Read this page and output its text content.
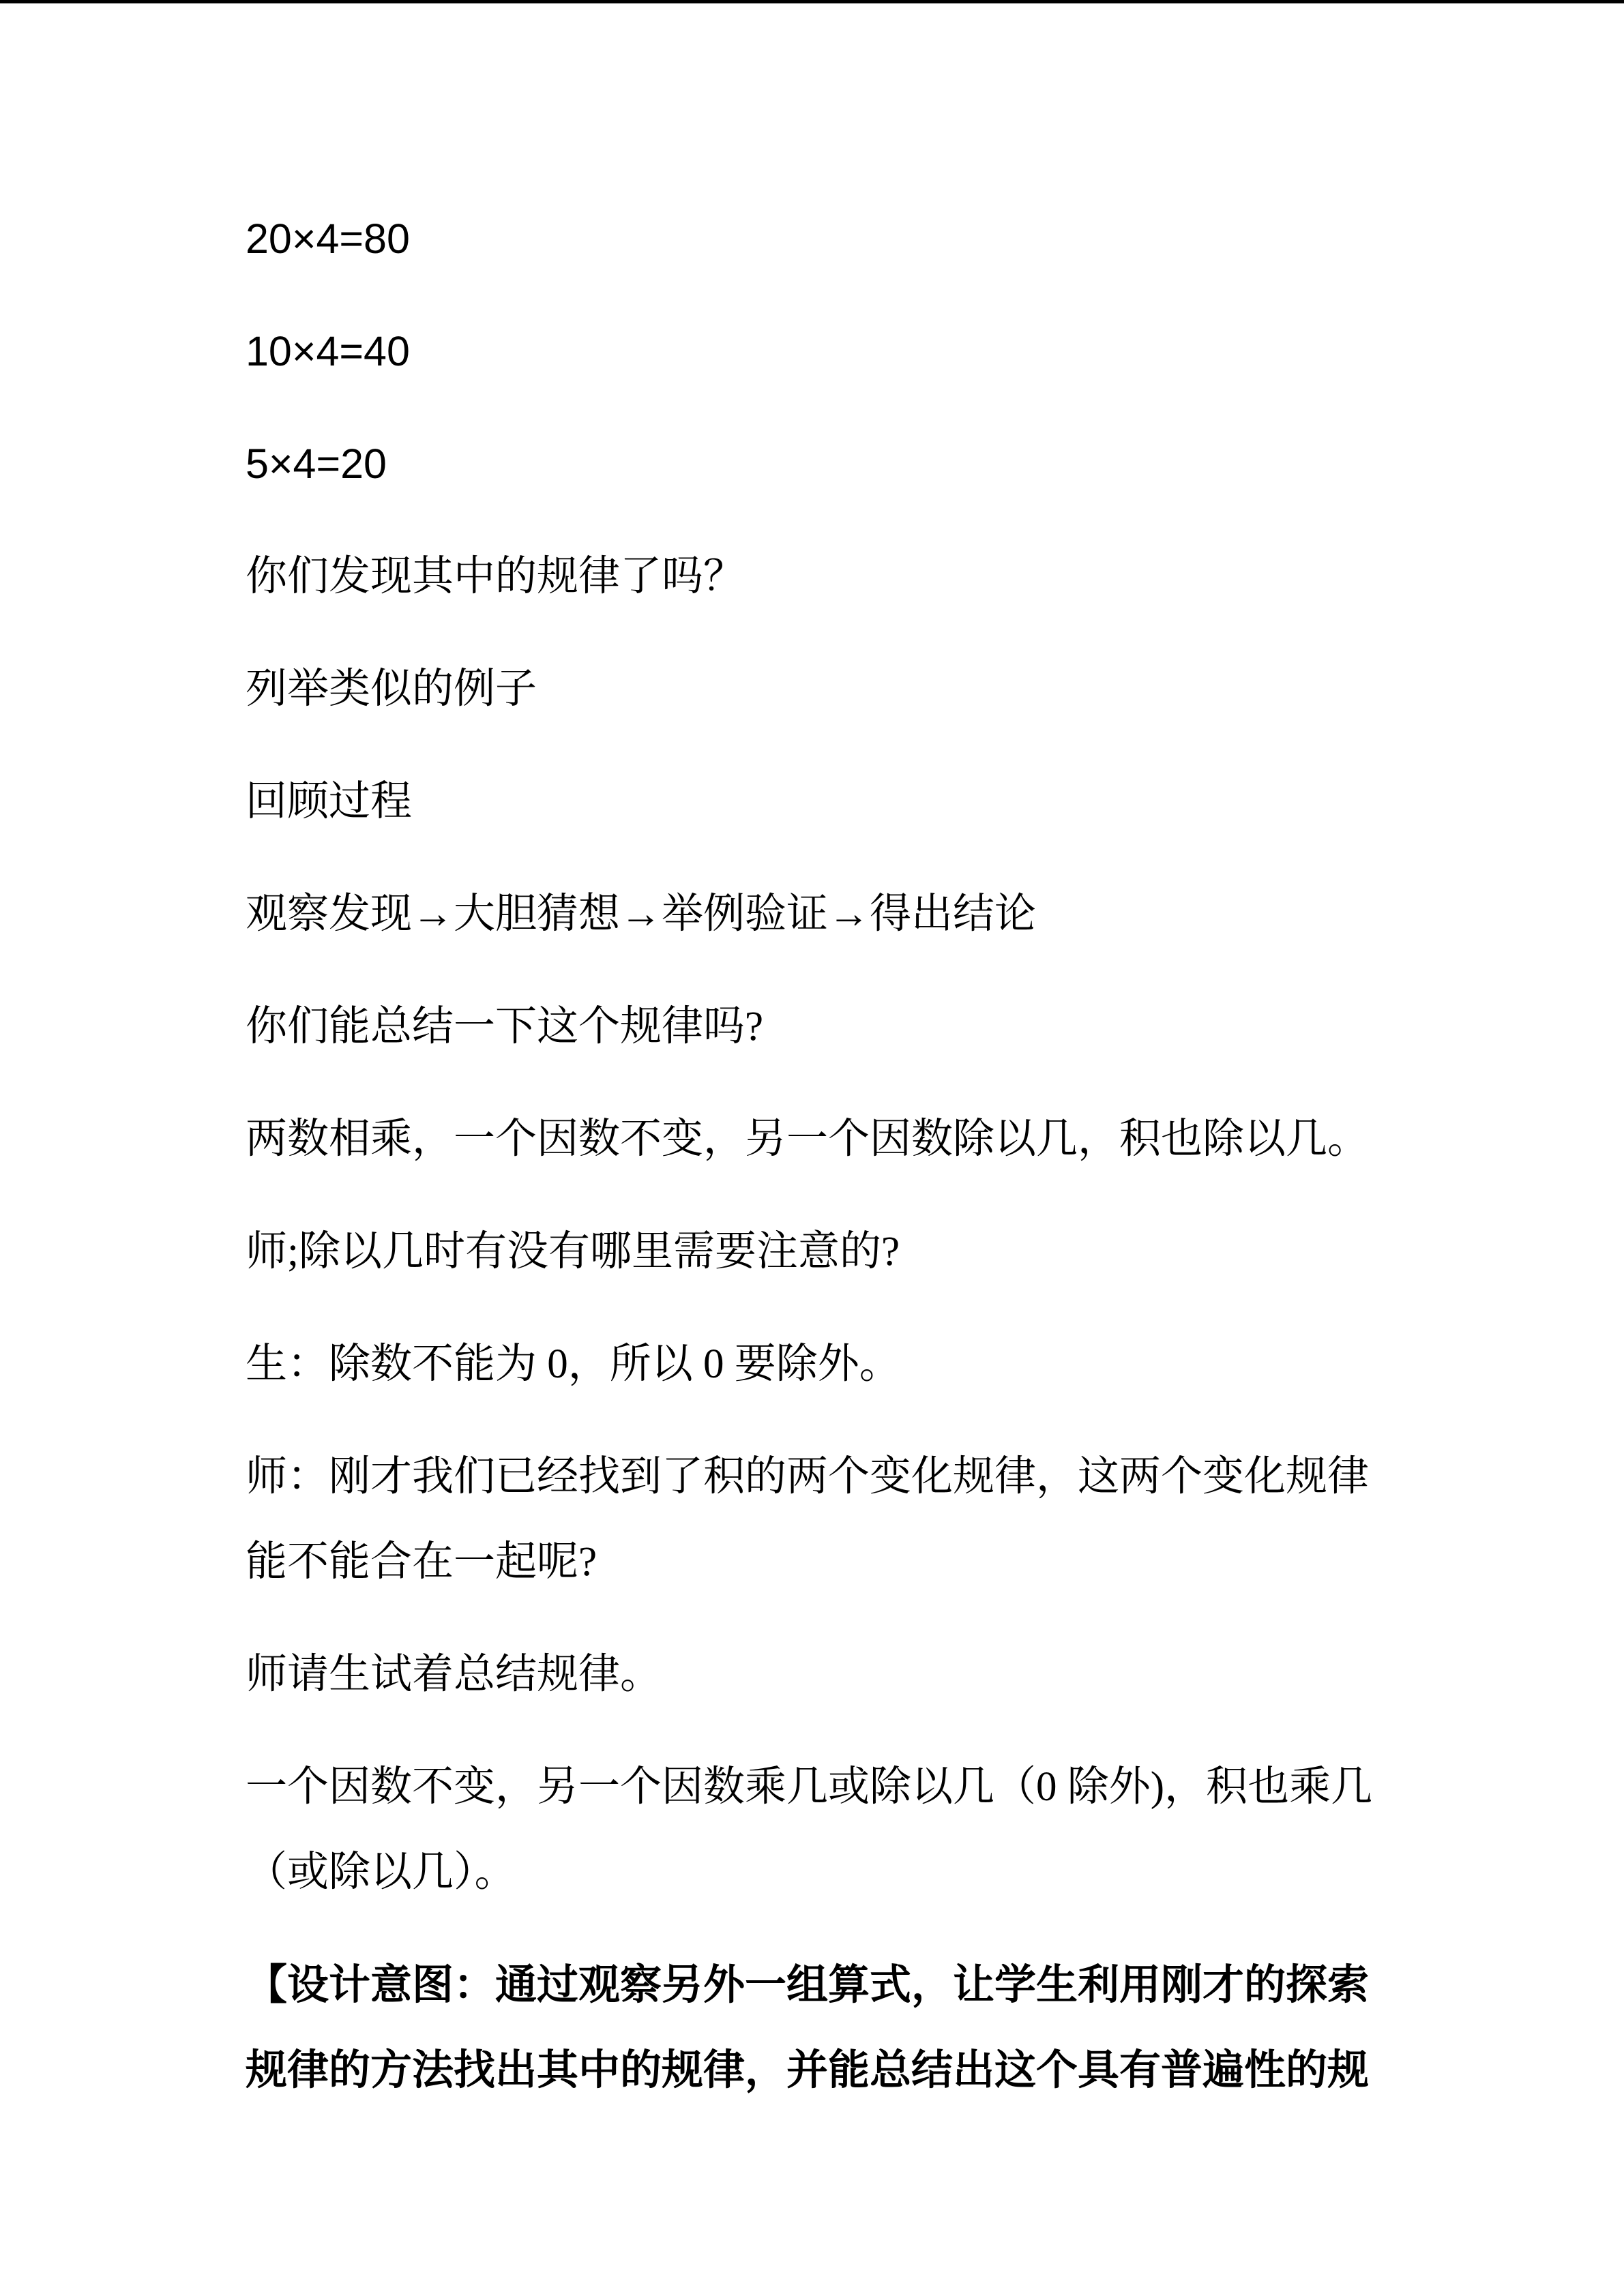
20×4=80
10×4=40
5×4=20
你们发现其中的规律了吗？
列举类似的例子
回顾过程
观察发现→大胆猜想→举例验证→得出结论
你们能总结一下这个规律吗?
两数相乘，一个因数不变，另一个因数除以几，积也除以几。
师;除以几时有没有哪里需要注意的?
生：除数不能为 0，所以 0 要除外。
师：刚才我们已经找到了积的两个变化规律，这两个变化规律
能不能合在一起呢?
师请生试着总结规律。
一个因数不变，另一个因数乘几或除以几（0 除外)，积也乘几
（或除以几）。
【设计意图：通过观察另外一组算式，让学生利用刚才的探索
规律的方法找出其中的规律，并能总结出这个具有普遍性的规
